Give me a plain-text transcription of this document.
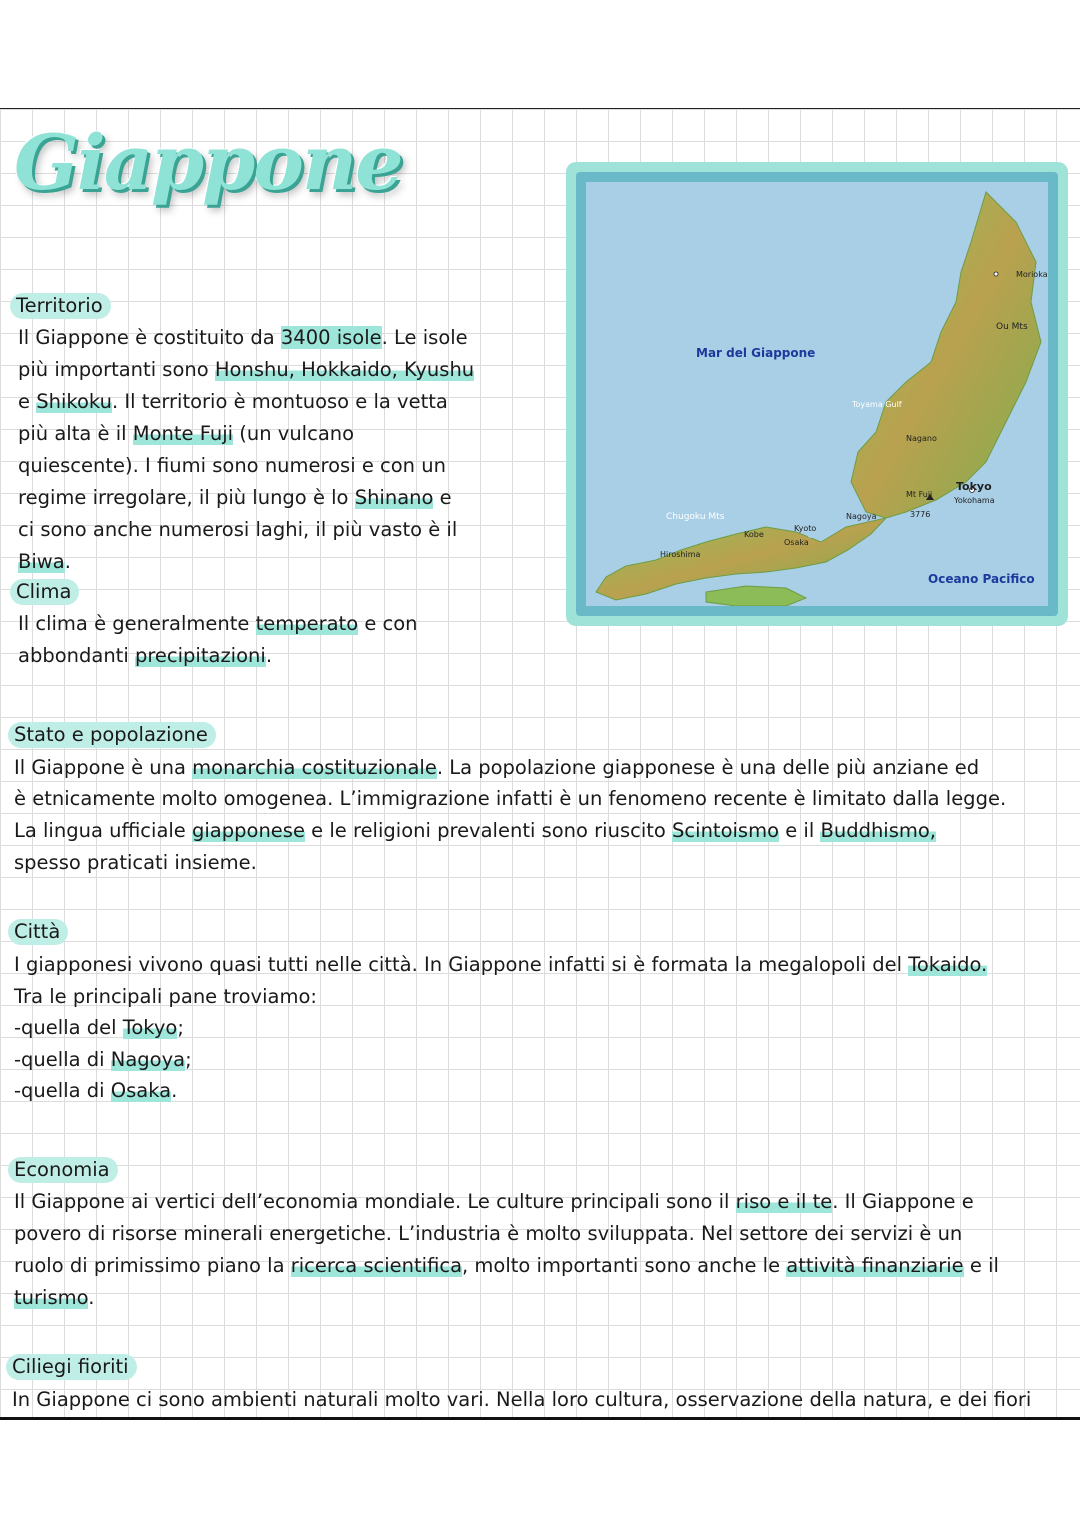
Giappone
Mar del Giappone
Oceano Pacifico
Tokyo
Yokohama
Nagoya
Kyoto
Osaka
Kobe
Hiroshima
Nagano
Morioka
Toyama Gulf
Mt Fuji
3776
Chugoku Mts
Ou Mts
Territorio
Il Giappone è costituito da 3400 isole. Le isole
più importanti sono Honshu, Hokkaido, Kyushu
e Shikoku. Il territorio è montuoso e la vetta
più alta è il Monte Fuji (un vulcano
quiescente). I fiumi sono numerosi e con un
regime irregolare, il più lungo è lo Shinano e
ci sono anche numerosi laghi, il più vasto è il
Biwa.
Clima
Il clima è generalmente temperato e con
abbondanti precipitazioni.
Stato e popolazione
Il Giappone è una monarchia costituzionale. La popolazione giapponese è una delle più anziane ed
è etnicamente molto omogenea. L’immigrazione infatti è un fenomeno recente è limitato dalla legge.
La lingua ufficiale giapponese e le religioni prevalenti sono riuscito Scintoismo e il Buddhismo,
spesso praticati insieme.
Città
I giapponesi vivono quasi tutti nelle città. In Giappone infatti si è formata la megalopoli del Tokaido.
Tra le principali pane troviamo:
-quella del Tokyo;
-quella di Nagoya;
-quella di Osaka.
Economia
Il Giappone ai vertici dell’economia mondiale. Le culture principali sono il riso e il te. Il Giappone e
povero di risorse minerali energetiche. L’industria è molto sviluppata. Nel settore dei servizi è un
ruolo di primissimo piano la ricerca scientifica, molto importanti sono anche le attività finanziarie e il
turismo.
Ciliegi fioriti
In Giappone ci sono ambienti naturali molto vari. Nella loro cultura, osservazione della natura, e dei fiori
